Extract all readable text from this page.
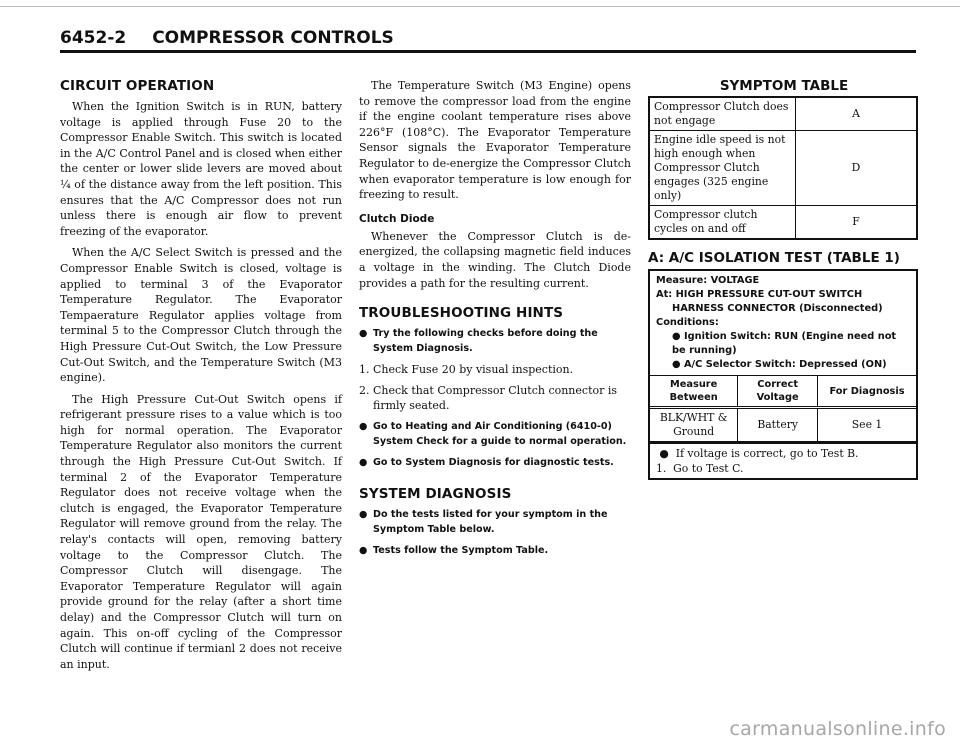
6452-2 COMPRESSOR CONTROLS
CIRCUIT OPERATION

When the Ignition Switch is in RUN, battery voltage is applied through Fuse 20 to the Compressor Enable Switch. This switch is located in the A/C Control Panel and is closed when either the center or lower slide levers are moved about ¼ of the distance away from the left position. This ensures that the A/C Compressor does not run unless there is enough air flow to prevent freezing of the evaporator.

When the A/C Select Switch is pressed and the Compressor Enable Switch is closed, voltage is applied to terminal 3 of the Evaporator Temperature Regulator. The Evaporator Tempaerature Regulator applies voltage from terminal 5 to the Compressor Clutch through the High Pressure Cut-Out Switch, the Low Pressure Cut-Out Switch, and the Temperature Switch (M3 engine).

The High Pressure Cut-Out Switch opens if refrigerant pressure rises to a value which is too high for normal operation. The Evaporator Temperature Regulator also monitors the current through the High Pressure Cut-Out Switch. If terminal 2 of the Evaporator Temperature Regulator does not receive voltage when the clutch is engaged, the Evaporator Temperature Regulator will remove ground from the relay. The relay's contacts will open, removing battery voltage to the Compressor Clutch. The Compressor Clutch will disengage. The Evaporator Temperature Regulator will again provide ground for the relay (after a short time delay) and the Compressor Clutch will turn on again. This on-off cycling of the Compressor Clutch will continue if termianl 2 does not receive an input.

The Temperature Switch (M3 Engine) opens to remove the compressor load from the engine if the engine coolant temperature rises above 226°F (108°C). The Evaporator Temperature Sensor signals the Evaporator Temperature Regulator to de-energize the Compressor Clutch when evaporator temperature is low enough for freezing to result.

Clutch Diode

Whenever the Compressor Clutch is de-energized, the collapsing magnetic field induces a voltage in the winding. The Clutch Diode provides a path for the resulting current.

TROUBLESHOOTING HINTS
● Try the following checks before doing the System Diagnosis.
1. Check Fuse 20 by visual inspection.
2. Check that Compressor Clutch connector is firmly seated.
● Go to Heating and Air Conditioning (6410-0) System Check for a guide to normal operation.
● Go to System Diagnosis for diagnostic tests.
SYSTEM DIAGNOSIS
● Do the tests listed for your symptom in the Symptom Table below.
● Tests follow the Symptom Table.
SYMPTOM TABLE
Compressor Clutch does not engage	A
Engine idle speed is not high enough when Compressor Clutch engages (325 engine only)	D
Compressor clutch cycles on and off	F
A: A/C ISOLATION TEST (TABLE 1)
Measure: VOLTAGE
At: HIGH PRESSURE CUT-OUT SWITCH
HARNESS CONNECTOR (Disconnected)
Conditions:
● Ignition Switch: RUN (Engine need not be running)
● A/C Selector Switch: Depressed (ON)
Measure Between	Correct Voltage	For Diagnosis
BLK/WHT & Ground	Battery	See 1
●  If voltage is correct, go to Test B.
1.  Go to Test C.
carmanualsonline.info
